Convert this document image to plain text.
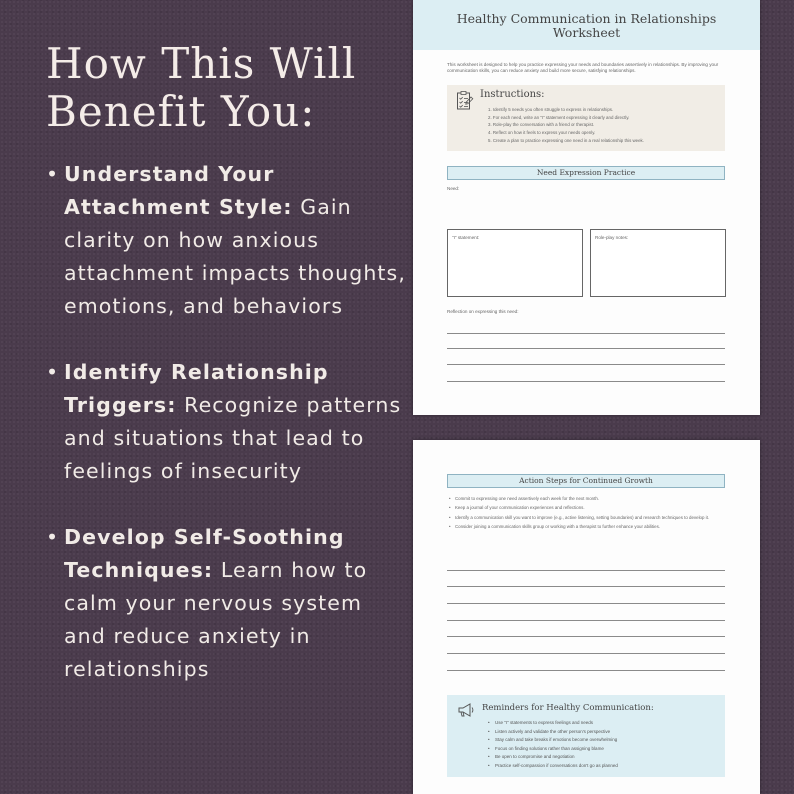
How This Will Benefit You:
• Understand Your Attachment Style: Gain clarity on how anxious attachment impacts thoughts, emotions, and behaviors
• Identify Relationship Triggers: Recognize patterns and situations that lead to feelings of insecurity
• Develop Self-Soothing Techniques: Learn how to calm your nervous system and reduce anxiety in relationships
Healthy Communication in Relationships
Worksheet

This worksheet is designed to help you practice expressing your needs and boundaries assertively in relationships. By improving your communication skills, you can reduce anxiety and build more secure, satisfying relationships.

Instructions:
1. Identify 5 needs you often struggle to express in relationships.
2. For each need, write an "I" statement expressing it clearly and directly.
3. Role-play the conversation with a friend or therapist.
4. Reflect on how it feels to express your needs openly.
5. Create a plan to practice expressing one need in a real relationship this week.
Need Expression Practice
Need:
"I" statement:	Role-play notes:
Reflection on expressing this need:
Action Steps for Continued Growth
• Commit to expressing one need assertively each week for the next month.
• Keep a journal of your communication experiences and reflections.
• Identify a communication skill you want to improve (e.g., active listening, setting boundaries) and research techniques to develop it.
• Consider joining a communication skills group or working with a therapist to further enhance your abilities.
Reminders for Healthy Communication:
• Use "I" statements to express feelings and needs
• Listen actively and validate the other person's perspective
• Stay calm and take breaks if emotions become overwhelming
• Focus on finding solutions rather than assigning blame
• Be open to compromise and negotiation
• Practice self-compassion if conversations don't go as planned
